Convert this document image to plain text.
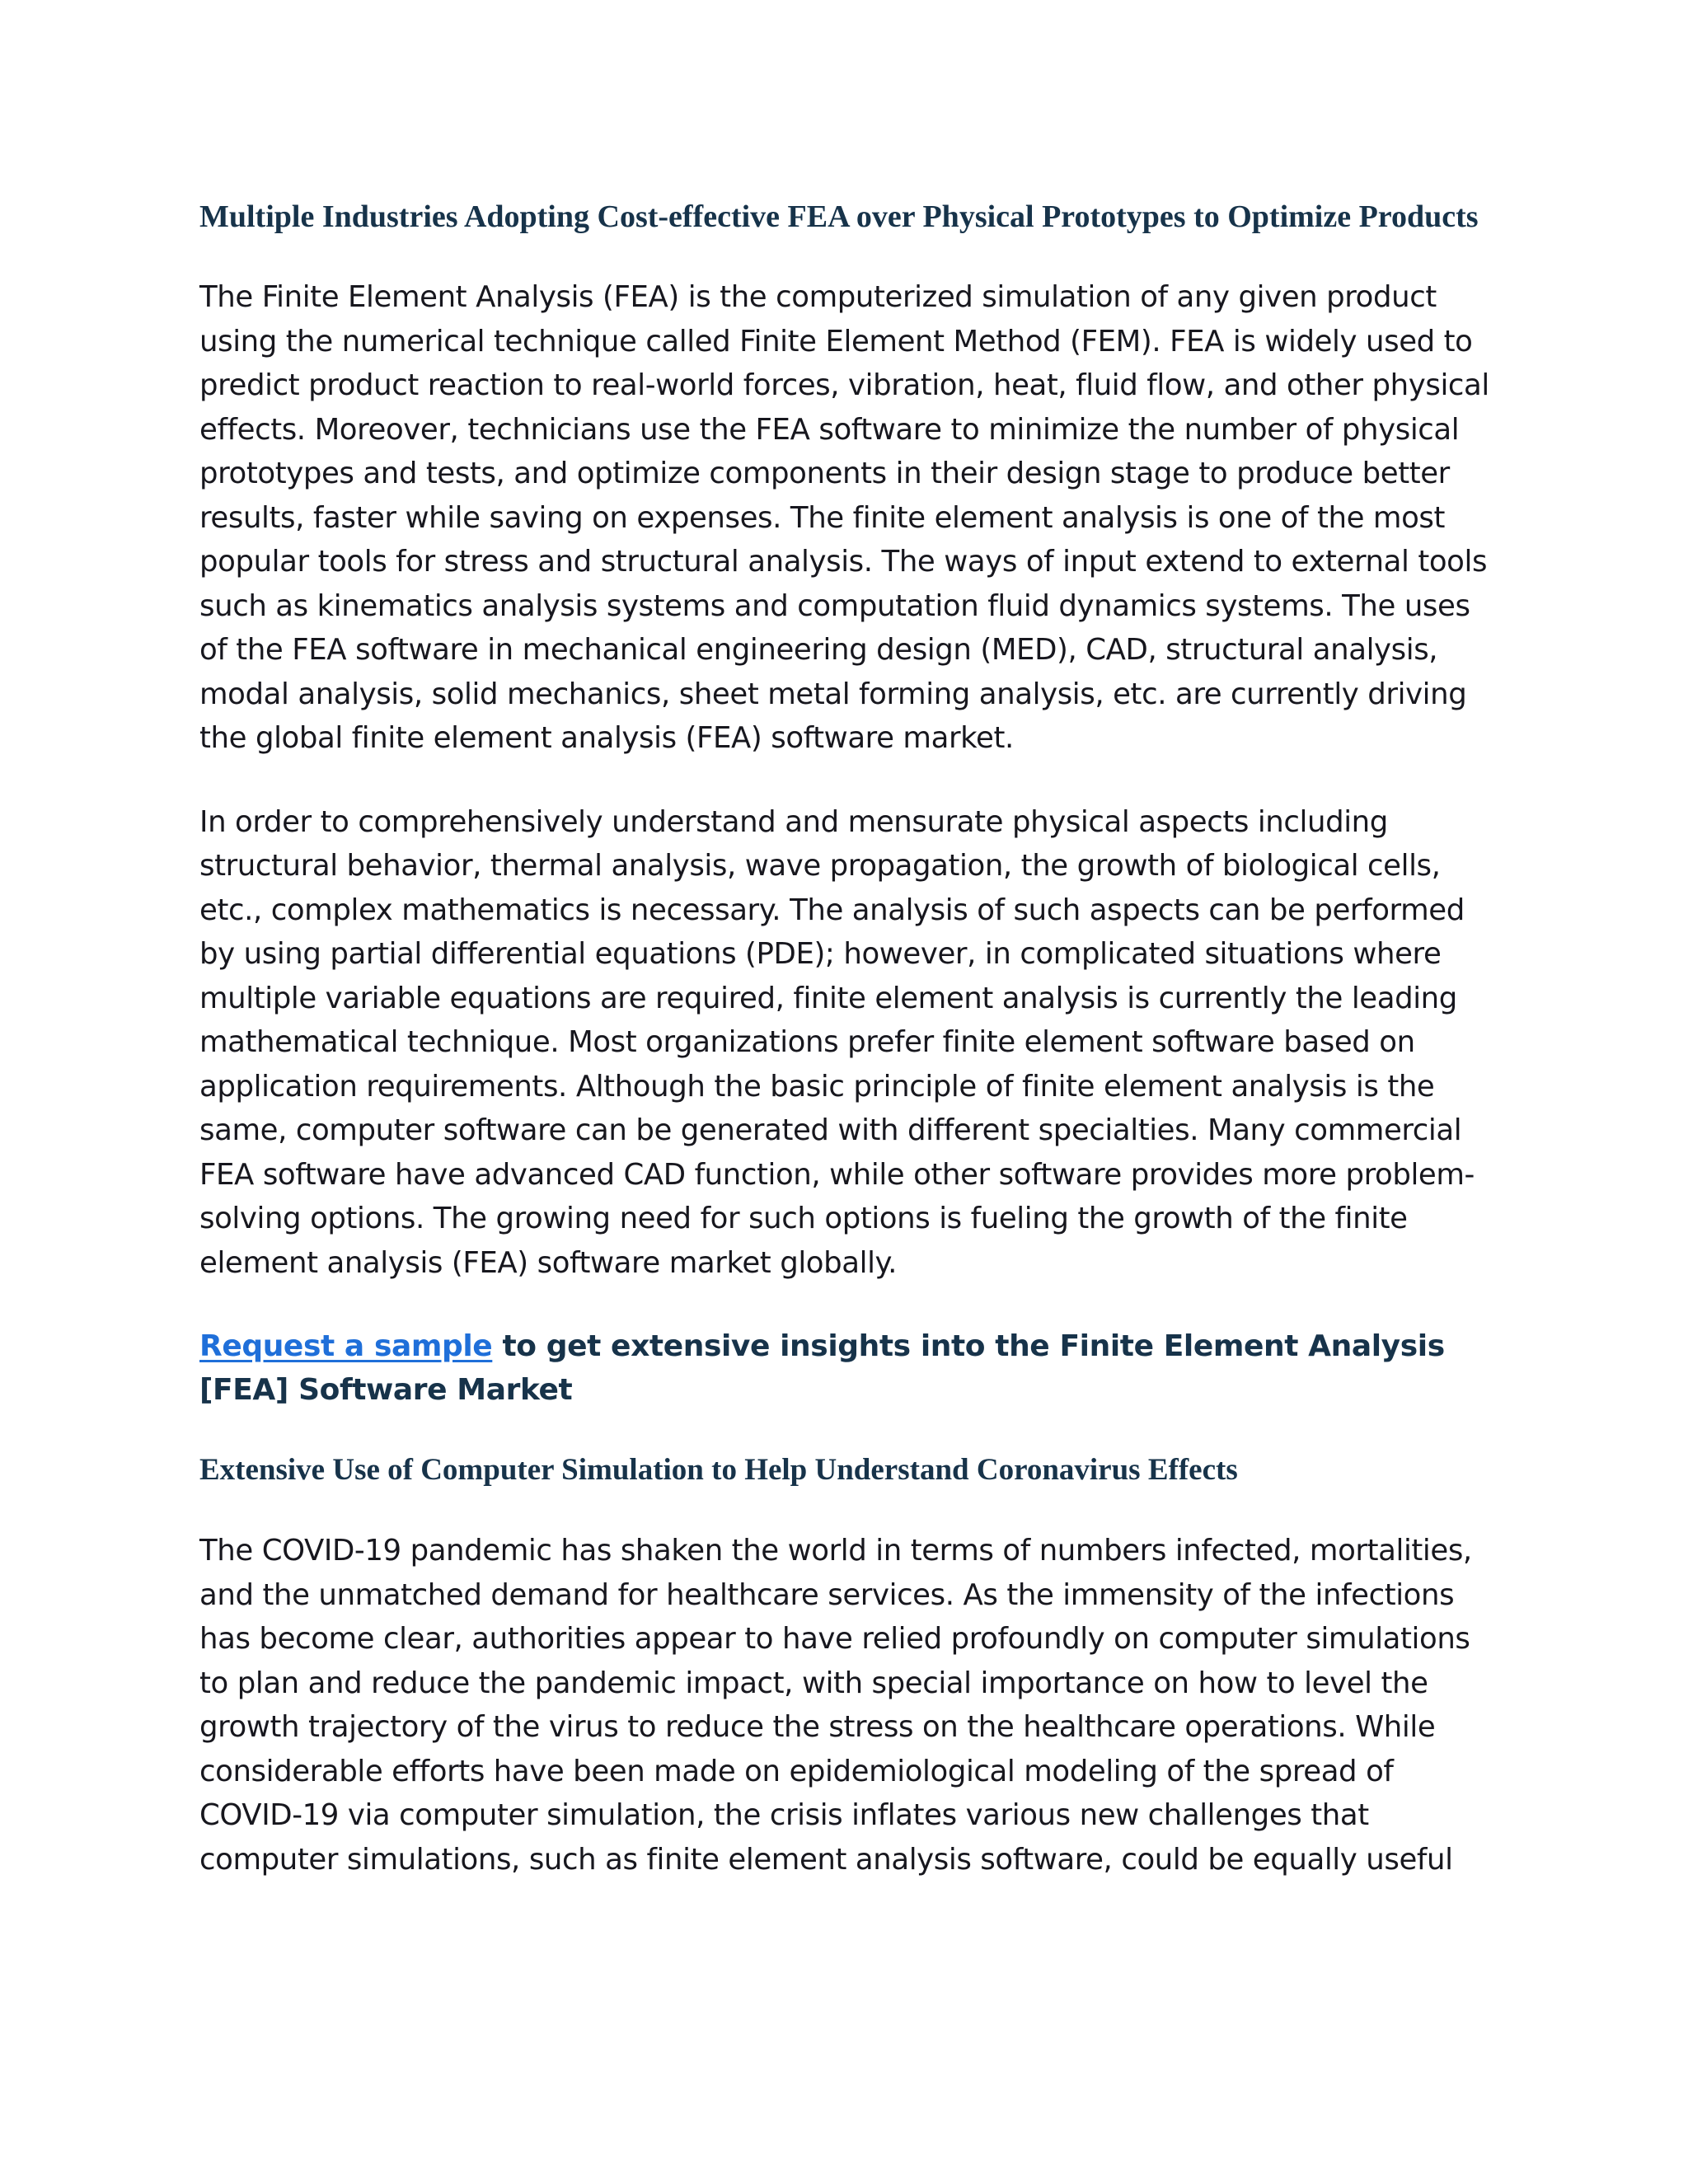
Multiple Industries Adopting Cost-effective FEA over Physical Prototypes to Optimize Products

The Finite Element Analysis (FEA) is the computerized simulation of any given product using the numerical technique called Finite Element Method (FEM). FEA is widely used to predict product reaction to real-world forces, vibration, heat, fluid flow, and other physical effects. Moreover, technicians use the FEA software to minimize the number of physical prototypes and tests, and optimize components in their design stage to produce better results, faster while saving on expenses. The finite element analysis is one of the most popular tools for stress and structural analysis. The ways of input extend to external tools such as kinematics analysis systems and computation fluid dynamics systems. The uses of the FEA software in mechanical engineering design (MED), CAD, structural analysis, modal analysis, solid mechanics, sheet metal forming analysis, etc. are currently driving the global finite element analysis (FEA) software market.

In order to comprehensively understand and mensurate physical aspects including structural behavior, thermal analysis, wave propagation, the growth of biological cells, etc., complex mathematics is necessary. The analysis of such aspects can be performed by using partial differential equations (PDE); however, in complicated situations where multiple variable equations are required, finite element analysis is currently the leading mathematical technique. Most organizations prefer finite element software based on application requirements. Although the basic principle of finite element analysis is the same, computer software can be generated with different specialties. Many commercial FEA software have advanced CAD function, while other software provides more problem-solving options. The growing need for such options is fueling the growth of the finite element analysis (FEA) software market globally.

Request a sample to get extensive insights into the Finite Element Analysis [FEA] Software Market

Extensive Use of Computer Simulation to Help Understand Coronavirus Effects

The COVID-19 pandemic has shaken the world in terms of numbers infected, mortalities, and the unmatched demand for healthcare services. As the immensity of the infections has become clear, authorities appear to have relied profoundly on computer simulations to plan and reduce the pandemic impact, with special importance on how to level the growth trajectory of the virus to reduce the stress on the healthcare operations. While considerable efforts have been made on epidemiological modeling of the spread of COVID-19 via computer simulation, the crisis inflates various new challenges that computer simulations, such as finite element analysis software, could be equally useful
